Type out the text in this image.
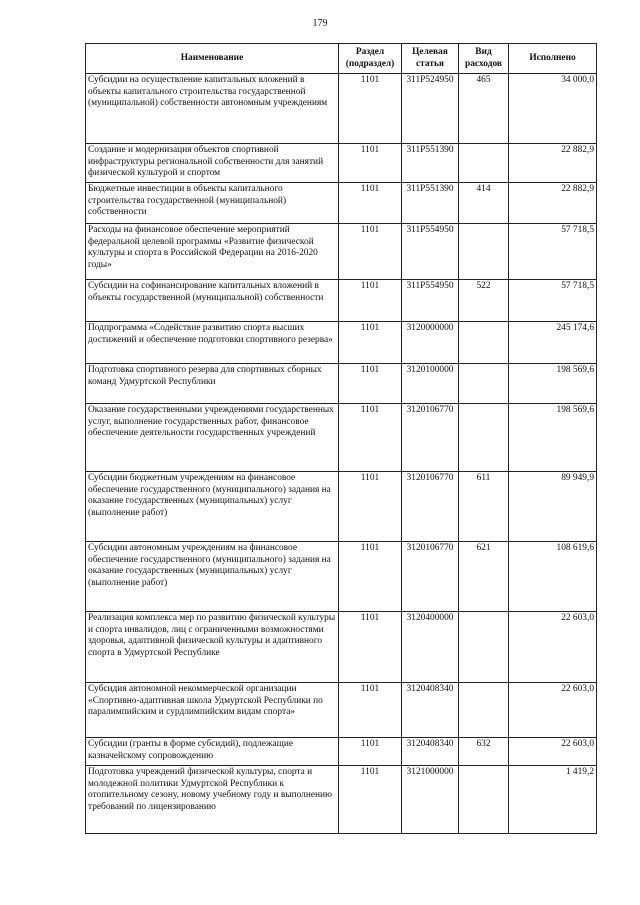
179
Наименование	Раздел (подраздел)	Целевая статья	Вид расходов	Исполнено
Субсидии на осуществление капитальных вложений в объекты капитального строительства государственной (муниципальной) собственности автономным учреждениям	1101	311P524950	465	34 000,0
Создание и модернизация объектов спортивной инфраструктуры региональной собственности для занятий физической культурой и спортом	1101	311P551390		22 882,9
Бюджетные инвестиции в объекты капитального строительства государственной (муниципальной) собственности	1101	311P551390	414	22 882,9
Расходы на финансовое обеспечение мероприятий федеральной целевой программы «Развитие физической культуры и спорта в Российской Федерации на 2016-2020 годы»	1101	311P554950		57 718,5
Субсидии на софинансирование капитальных вложений в объекты государственной (муниципальной) собственности	1101	311P554950	522	57 718,5
Подпрограмма «Содействие развитию спорта высших достижений и обеспечение подготовки спортивного резерва»	1101	3120000000		245 174,6
Подготовка спортивного резерва для спортивных сборных команд Удмуртской Республики	1101	3120100000		198 569,6
Оказание государственными учреждениями государственных услуг, выполнение государственных работ, финансовое обеспечение деятельности государственных учреждений	1101	3120106770		198 569,6
Субсидии бюджетным учреждениям на финансовое обеспечение государственного (муниципального) задания на оказание государственных (муниципальных) услуг (выполнение работ)	1101	3120106770	611	89 949,9
Субсидии автономным учреждениям на финансовое обеспечение государственного (муниципального) задания на оказание государственных (муниципальных) услуг (выполнение работ)	1101	3120106770	621	108 619,6
Реализация комплекса мер по развитию физической культуры и спорта инвалидов, лиц с ограниченными возможностями здоровья, адаптивной физической культуры и адаптивного спорта в Удмуртской Республике	1101	3120400000		22 603,0
Субсидия автономной некоммерческой организации «Спортивно-адаптивная школа Удмуртской Республики по паралимпийским и сурдлимпийским видам спорта»	1101	3120408340		22 603,0
Субсидии (гранты в форме субсидий), подлежащие казначейскому сопровождению	1101	3120408340	632	22 603,0
Подготовка учреждений физической культуры, спорта и молодежной политики Удмуртской Республики к отопительному сезону, новому учебному году и выполнению требований по лицензированию	1101	3121000000		1 419,2
